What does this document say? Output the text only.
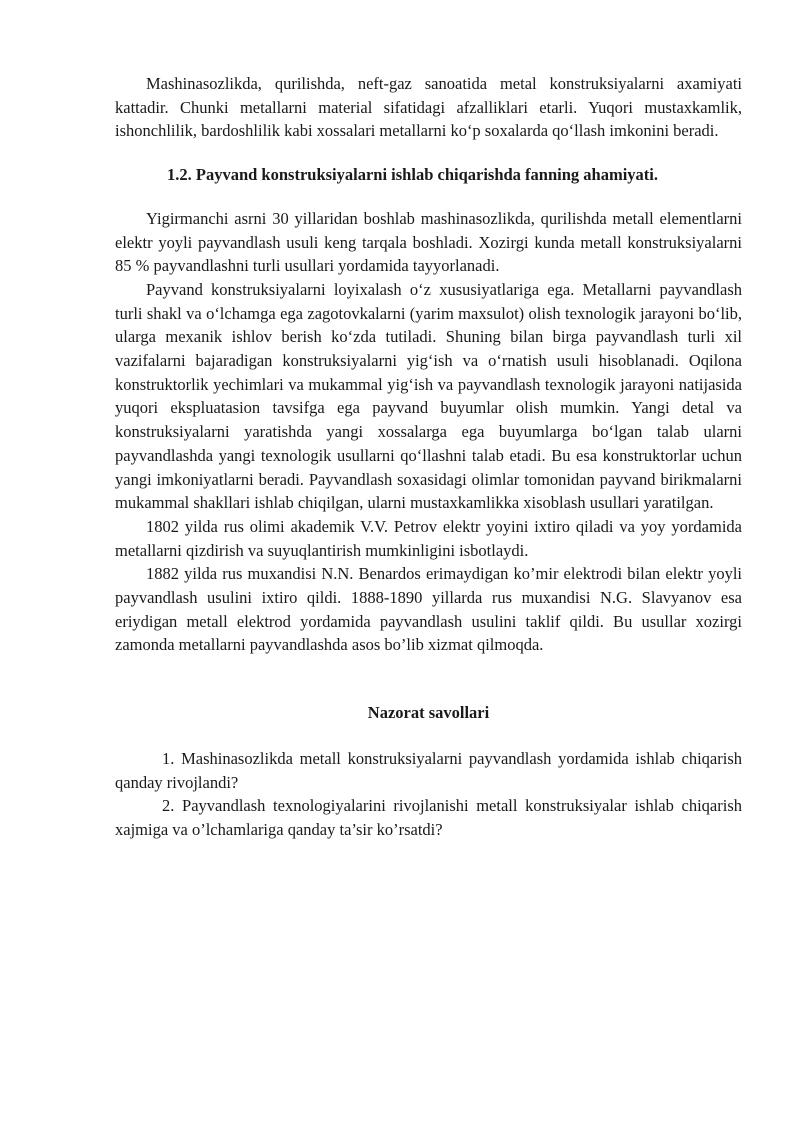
Mashinasozlikda, qurilishda, neft-gaz sanoatida metal konstruksiyalarni axamiyati kattadir. Chunki metallarni material sifatidagi afzalliklari etarli. Yuqori mustaxkamlik, ishonchlilik, bardoshlilik kabi xossalari metallarni ko‘p soxalarda qo‘llash imkonini beradi.

1.2. Payvand konstruksiyalarni ishlab chiqarishda fanning ahamiyati.

Yigirmanchi asrni 30 yillaridan boshlab mashinasozlikda, qurilishda metall elementlarni elektr yoyli payvandlash usuli keng tarqala boshladi. Xozirgi kunda metall konstruksiyalarni 85 % payvandlashni turli usullari yordamida tayyorlanadi.

Payvand konstruksiyalarni loyixalash o‘z xususiyatlariga ega. Metallarni payvandlash turli shakl va o‘lchamga ega zagotovkalarni (yarim maxsulot) olish texnologik jarayoni bo‘lib, ularga mexanik ishlov berish ko‘zda tutiladi. Shuning bilan birga payvandlash turli xil vazifalarni bajaradigan konstruksiyalarni yig‘ish va o‘rnatish usuli hisoblanadi. Oqilona konstruktorlik yechimlari va mukammal yig‘ish va payvandlash texnologik jarayoni natijasida yuqori ekspluatasion tavsifga ega payvand buyumlar olish mumkin. Yangi detal va konstruksiyalarni yaratishda yangi xossalarga ega buyumlarga bo‘lgan talab ularni payvandlashda yangi texnologik usullarni qo‘llashni talab etadi. Bu esa konstruktorlar uchun yangi imkoniyatlarni beradi. Payvandlash soxasidagi olimlar tomonidan payvand birikmalarni mukammal shakllari ishlab chiqilgan, ularni mustaxkamlikka xisoblash usullari yaratilgan.

1802 yilda rus olimi akademik V.V. Petrov elektr yoyini ixtiro qiladi va yoy yordamida metallarni qizdirish va suyuqlantirish mumkinligini isbotlaydi.

1882 yilda rus muxandisi N.N. Benardos erimaydigan ko’mir elektrodi bilan elektr yoyli payvandlash usulini ixtiro qildi. 1888-1890 yillarda rus muxandisi N.G. Slavyanov esa eriydigan metall elektrod yordamida payvandlash usulini taklif qildi. Bu usullar xozirgi zamonda metallarni payvandlashda asos bo’lib xizmat qilmoqda.

Nazorat savollari

1. Mashinasozlikda metall konstruksiyalarni payvandlash yordamida ishlab chiqarish qanday rivojlandi?

2. Payvandlash texnologiyalarini rivojlanishi metall konstruksiyalar ishlab chiqarish xajmiga va o’lchamlariga qanday ta’sir ko’rsatdi?
